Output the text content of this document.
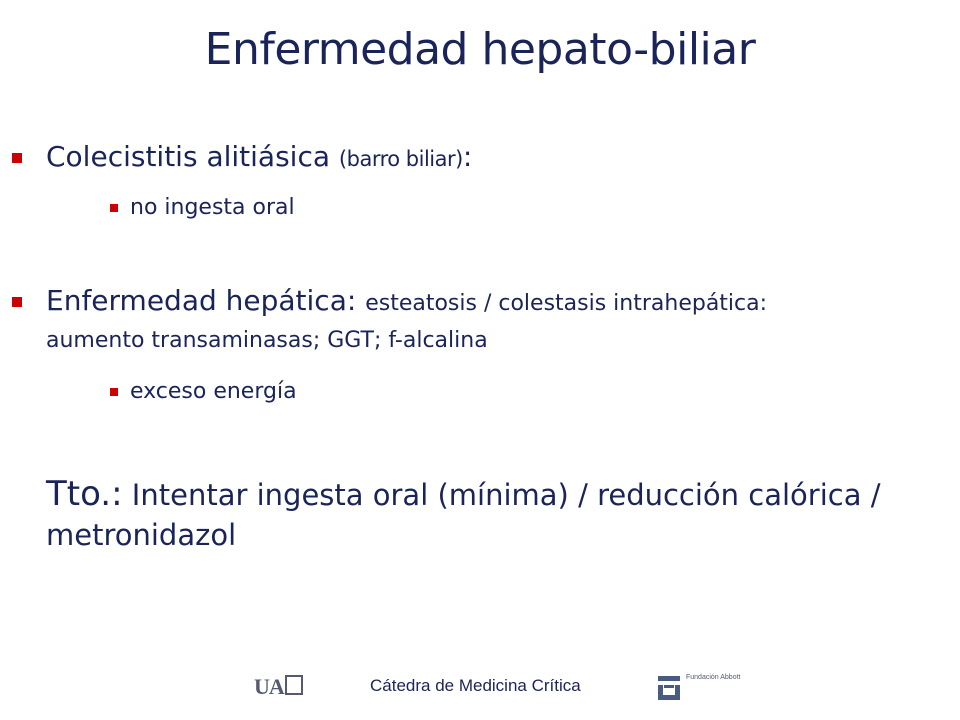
Enfermedad hepato-biliar
Colecistitis alitiásica (barro biliar):
no ingesta oral
Enfermedad hepática: esteatosis / colestasis intrahepática:
aumento transaminasas; GGT; f-alcalina
exceso energía
Tto.: Intentar ingesta oral (mínima) / reducción calórica / metronidazol
UA	Cátedra de Medicina Crítica	Fundación Abbott
